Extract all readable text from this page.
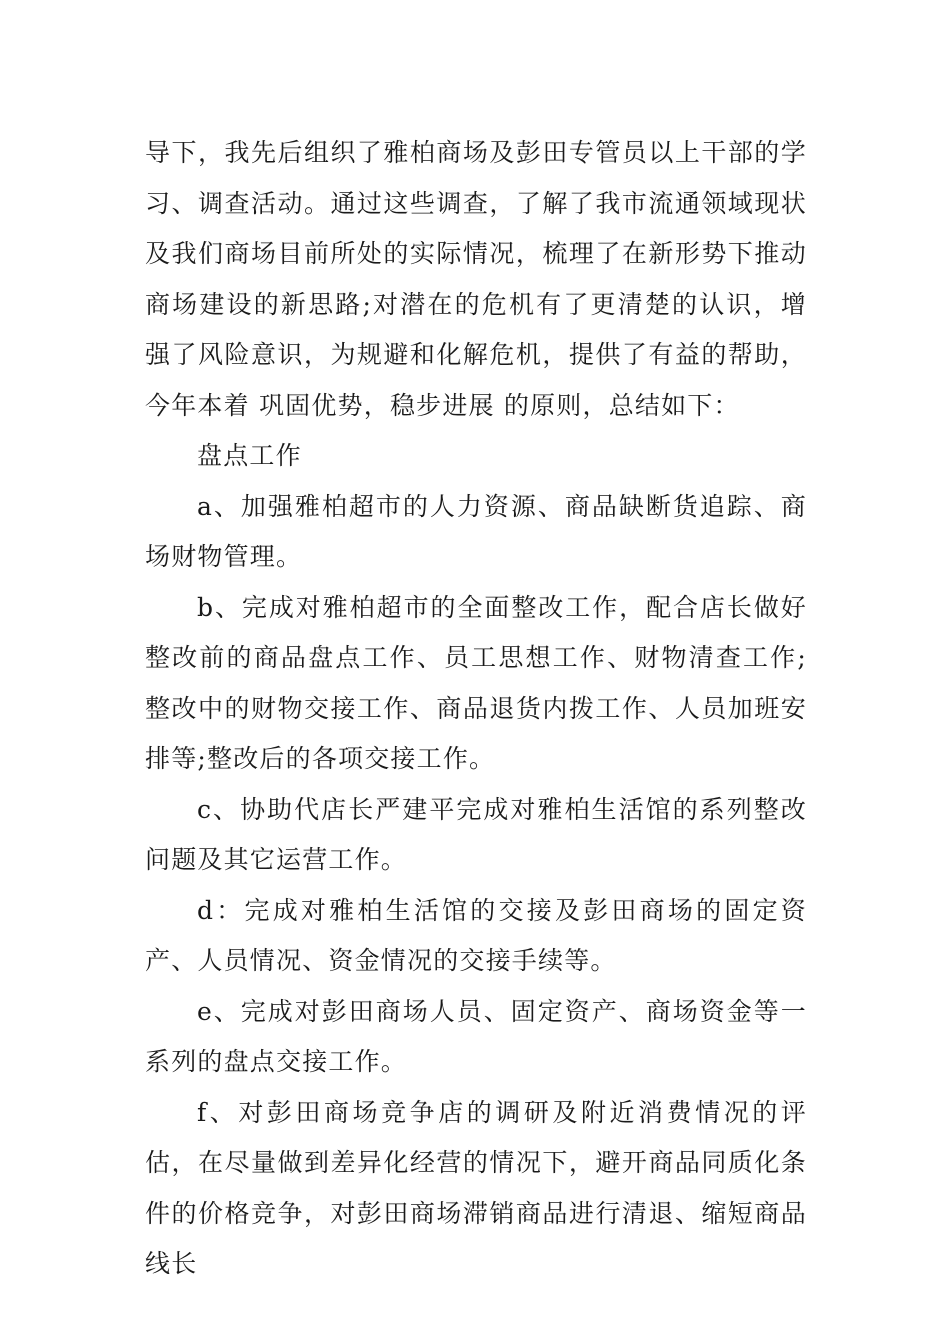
导下，我先后组织了雅柏商场及彭田专管员以上干部的学习、调查活动。通过这些调查，了解了我市流通领域现状及我们商场目前所处的实际情况，梳理了在新形势下推动商场建设的新思路;对潜在的危机有了更清楚的认识，增强了风险意识，为规避和化解危机，提供了有益的帮助，今年本着 巩固优势，稳步进展 的原则，总结如下：

盘点工作

a、加强雅柏超市的人力资源、商品缺断货追踪、商场财物管理。

b、完成对雅柏超市的全面整改工作，配合店长做好整改前的商品盘点工作、员工思想工作、财物清查工作;整改中的财物交接工作、商品退货内拨工作、人员加班安排等;整改后的各项交接工作。

c、协助代店长严建平完成对雅柏生活馆的系列整改问题及其它运营工作。

d：完成对雅柏生活馆的交接及彭田商场的固定资产、人员情况、资金情况的交接手续等。

e、完成对彭田商场人员、固定资产、商场资金等一系列的盘点交接工作。

f、对彭田商场竞争店的调研及附近消费情况的评估，在尽量做到差异化经营的情况下，避开商品同质化条件的价格竞争，对彭田商场滞销商品进行清退、缩短商品线长
